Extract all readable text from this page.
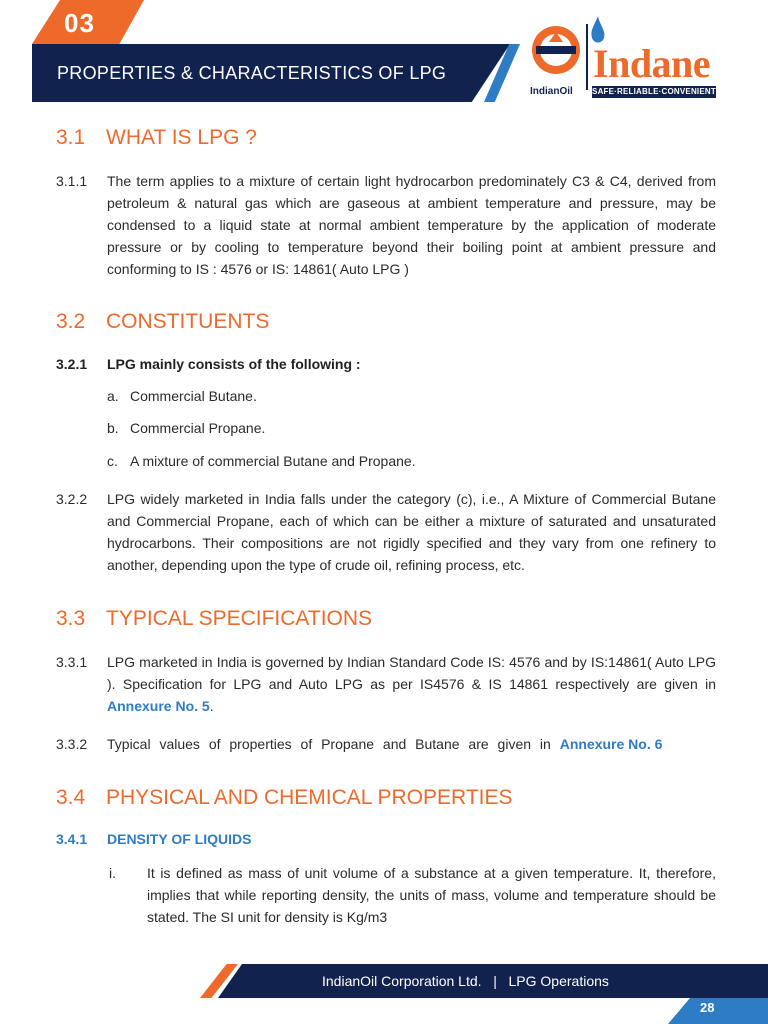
03
PROPERTIES & CHARACTERISTICS OF LPG
IndianOil
Indane
SAFE·RELIABLE·CONVENIENT
3.1 WHAT IS LPG ?
3.1.1 The term applies to a mixture of certain light hydrocarbon predominately C3 & C4, derived from petroleum & natural gas which are gaseous at ambient temperature and pressure, may be condensed to a liquid state at normal ambient temperature by the application of moderate pressure or by cooling to temperature beyond their boiling point at ambient pressure and conforming to IS : 4576 or IS: 14861( Auto LPG )
3.2 CONSTITUENTS
3.2.1 LPG mainly consists of the following :
a. Commercial Butane.
b. Commercial Propane.
c. A mixture of commercial Butane and Propane.
3.2.2 LPG widely marketed in India falls under the category (c), i.e., A Mixture of Commercial Butane and Commercial Propane, each of which can be either a mixture of saturated and unsaturated hydrocarbons. Their compositions are not rigidly specified and they vary from one refinery to another, depending upon the type of crude oil, refining process, etc.
3.3 TYPICAL SPECIFICATIONS
3.3.1 LPG marketed in India is governed by Indian Standard Code IS: 4576 and by IS:14861( Auto LPG ). Specification for LPG and Auto LPG as per IS4576 & IS 14861 respectively are given in Annexure No. 5.
3.3.2 Typical values of properties of Propane and Butane are given in Annexure No. 6
3.4 PHYSICAL AND CHEMICAL PROPERTIES
3.4.1 DENSITY OF LIQUIDS
i. It is defined as mass of unit volume of a substance at a given temperature. It, therefore, implies that while reporting density, the units of mass, volume and temperature should be stated. The SI unit for density is Kg/m3
IndianOil Corporation Ltd.   |   LPG Operations
28
